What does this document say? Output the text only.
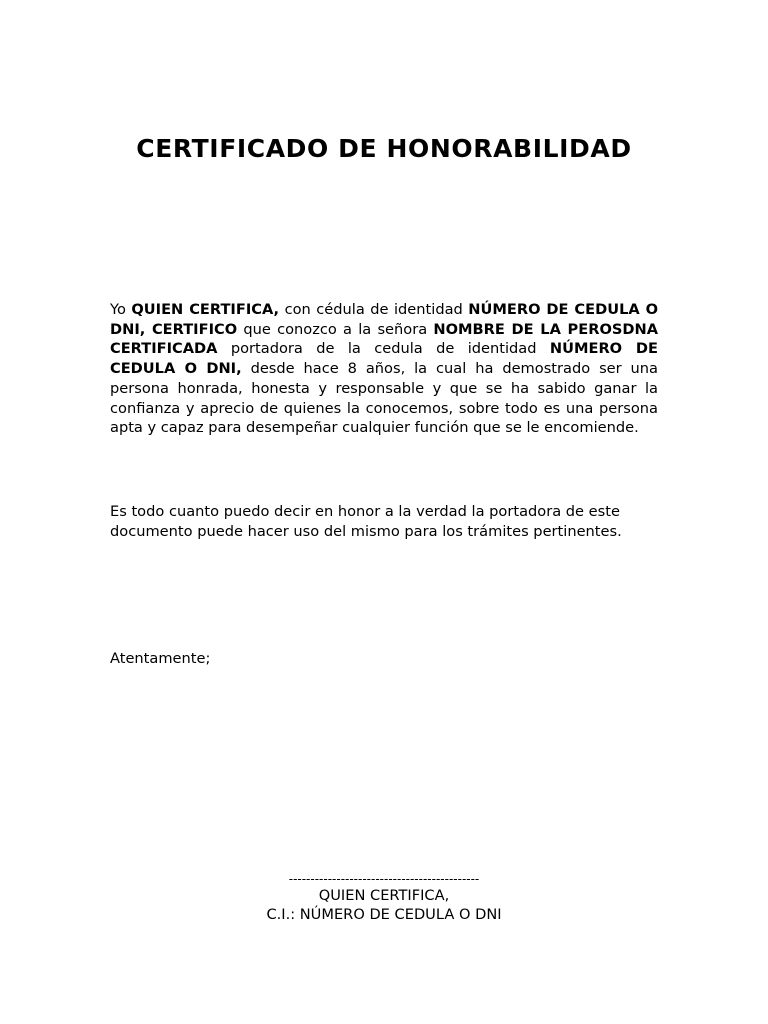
CERTIFICADO DE HONORABILIDAD

Yo QUIEN CERTIFICA, con cédula de identidad NÚMERO DE CEDULA O DNI, CERTIFICO que conozco a la señora NOMBRE DE LA PEROSDNA CERTIFICADA portadora de la cedula de identidad NÚMERO DE CEDULA O DNI, desde hace 8 años, la cual ha demostrado ser una persona honrada, honesta y responsable y que se ha sabido ganar la confianza y aprecio de quienes la conocemos, sobre todo es una persona apta y capaz para desempeñar cualquier función que se le encomiende.

Es todo cuanto puedo decir en honor a la verdad la portadora de este documento puede hacer uso del mismo para los trámites pertinentes.

Atentamente;

--------------------------------------------
QUIEN CERTIFICA,
C.I.: NÚMERO DE CEDULA O DNI
